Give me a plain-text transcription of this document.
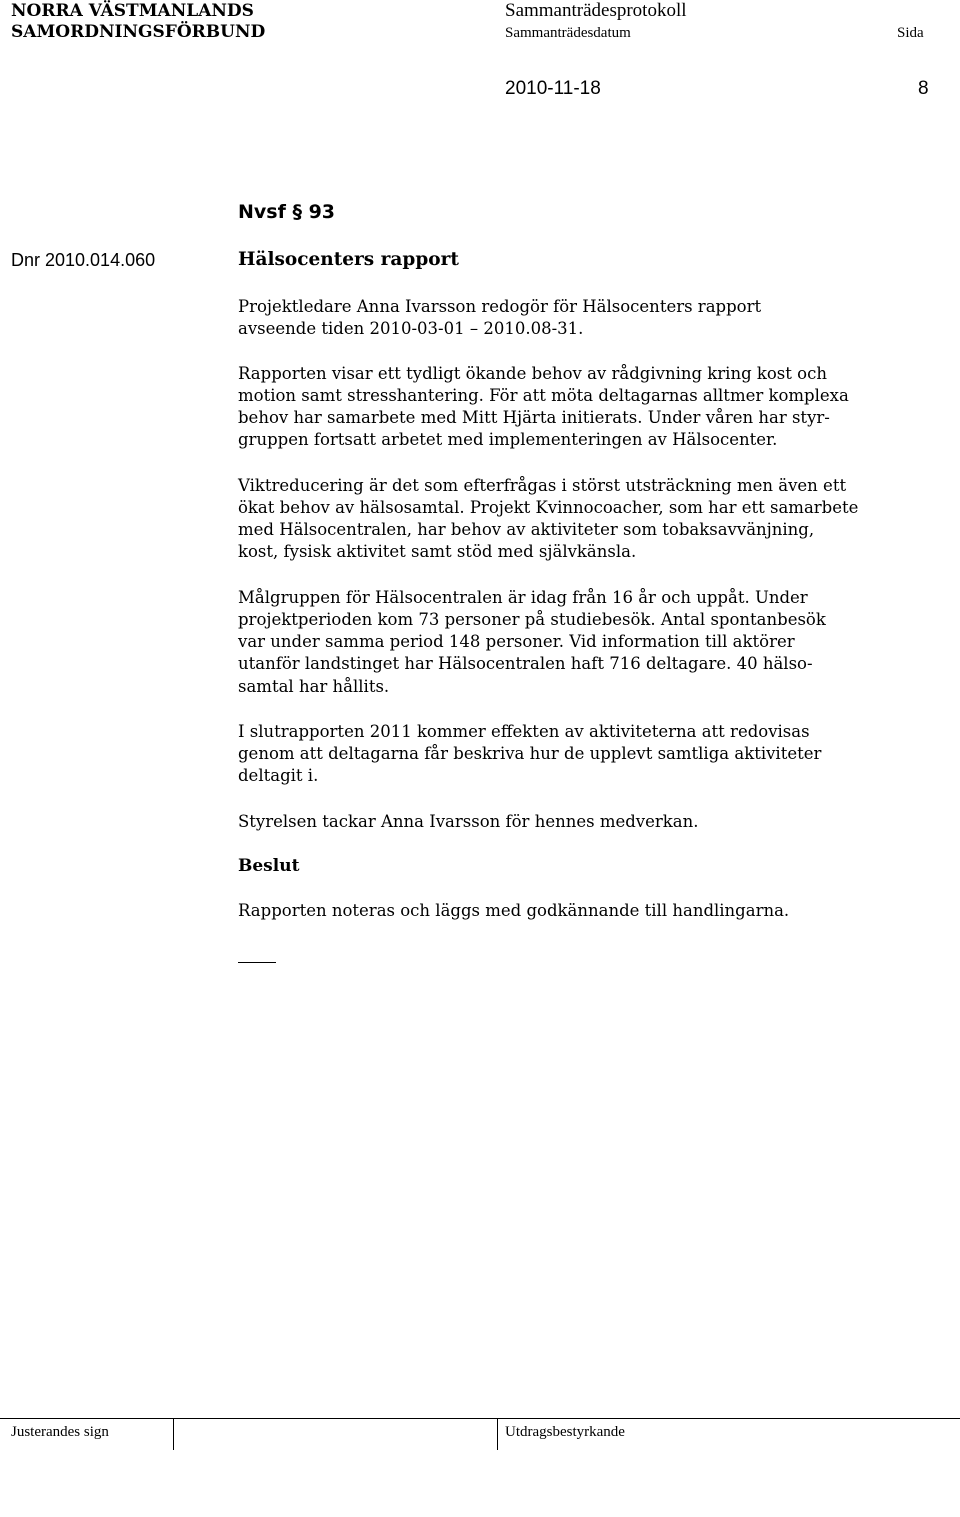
NORRA VÄSTMANLANDS
SAMORDNINGSFÖRBUND
Sammanträdesprotokoll
Sammanträdesdatum	Sida
2010-11-18	8
Nvsf § 93
Dnr 2010.014.060	Hälsocenters rapport
Projektledare Anna Ivarsson redogör för Hälsocenters rapport
avseende tiden 2010-03-01 – 2010.08-31.
Rapporten visar ett tydligt ökande behov av rådgivning kring kost och
motion samt stresshantering. För att möta deltagarnas alltmer komplexa
behov har samarbete med Mitt Hjärta initierats. Under våren har styr-
gruppen fortsatt arbetet med implementeringen av Hälsocenter.
Viktreducering är det som efterfrågas i störst utsträckning men även ett
ökat behov av hälsosamtal. Projekt Kvinnocoacher, som har ett samarbete
med Hälsocentralen, har behov av aktiviteter som tobaksavvänjning,
kost, fysisk aktivitet samt stöd med självkänsla.
Målgruppen för Hälsocentralen är idag från 16 år och uppåt. Under
projektperioden kom 73 personer på studiebesök. Antal spontanbesök
var under samma period 148 personer. Vid information till aktörer
utanför landstinget har Hälsocentralen haft 716 deltagare. 40 hälso-
samtal har hållits.
I slutrapporten 2011 kommer effekten av aktiviteterna att redovisas
genom att deltagarna får beskriva hur de upplevt samtliga aktiviteter
deltagit i.
Styrelsen tackar Anna Ivarsson för hennes medverkan.
Beslut
Rapporten noteras och läggs med godkännande till handlingarna.
Justerandes sign	Utdragsbestyrkande
